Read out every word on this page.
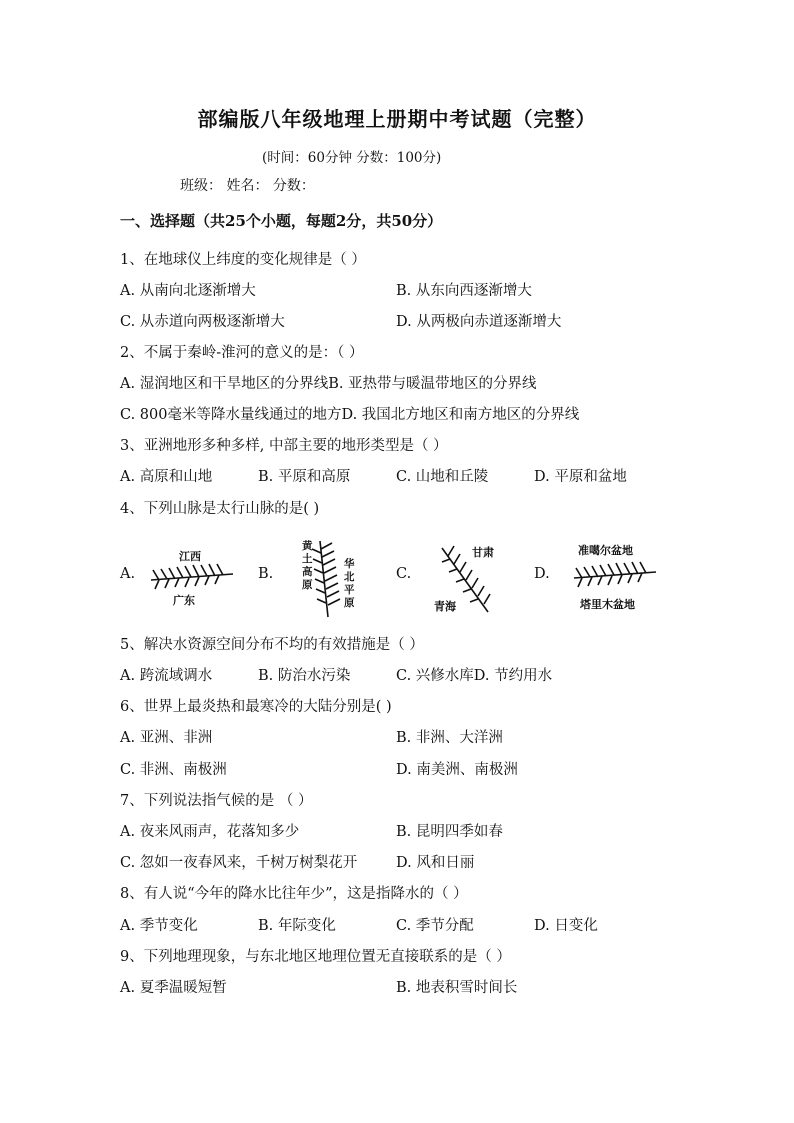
部编版八年级地理上册期中考试题（完整）
(时间：60分钟 分数：100分)
班级： 姓名： 分数：
一、选择题（共25个小题，每题2分，共50分）
1、在地球仪上纬度的变化规律是（ ）
A. 从南向北逐渐增大	B. 从东向西逐渐增大
C. 从赤道向两极逐渐增大	D. 从两极向赤道逐渐增大
2、不属于秦岭-淮河的意义的是：（ ）
A. 湿润地区和干旱地区的分界线B. 亚热带与暖温带地区的分界线
C. 800毫米等降水量线通过的地方D. 我国北方地区和南方地区的分界线
3、亚洲地形多种多样, 中部主要的地形类型是（ ）
A. 高原和山地	B. 平原和高原	C. 山地和丘陵	D. 平原和盆地
4、下列山脉是太行山脉的是( )
A.	B.	C.	D.
江西
广东
黄
土
高
原
华
北
平
原
甘肃
青海
准噶尔盆地
塔里木盆地
5、解决水资源空间分布不均的有效措施是（ ）
A. 跨流域调水	B. 防治水污染	C. 兴修水库D. 节约用水
6、世界上最炎热和最寒冷的大陆分别是( )
A. 亚洲、非洲	B. 非洲、大洋洲
C. 非洲、南极洲	D. 南美洲、南极洲
7、下列说法指气候的是 （ ）
A. 夜来风雨声，花落知多少	B. 昆明四季如春
C. 忽如一夜春风来，千树万树梨花开	D. 风和日丽
8、有人说“今年的降水比往年少”，这是指降水的（ ）
A. 季节变化	B. 年际变化	C. 季节分配	D. 日变化
9、下列地理现象，与东北地区地理位置无直接联系的是（ ）
A. 夏季温暖短暂	B. 地表积雪时间长
